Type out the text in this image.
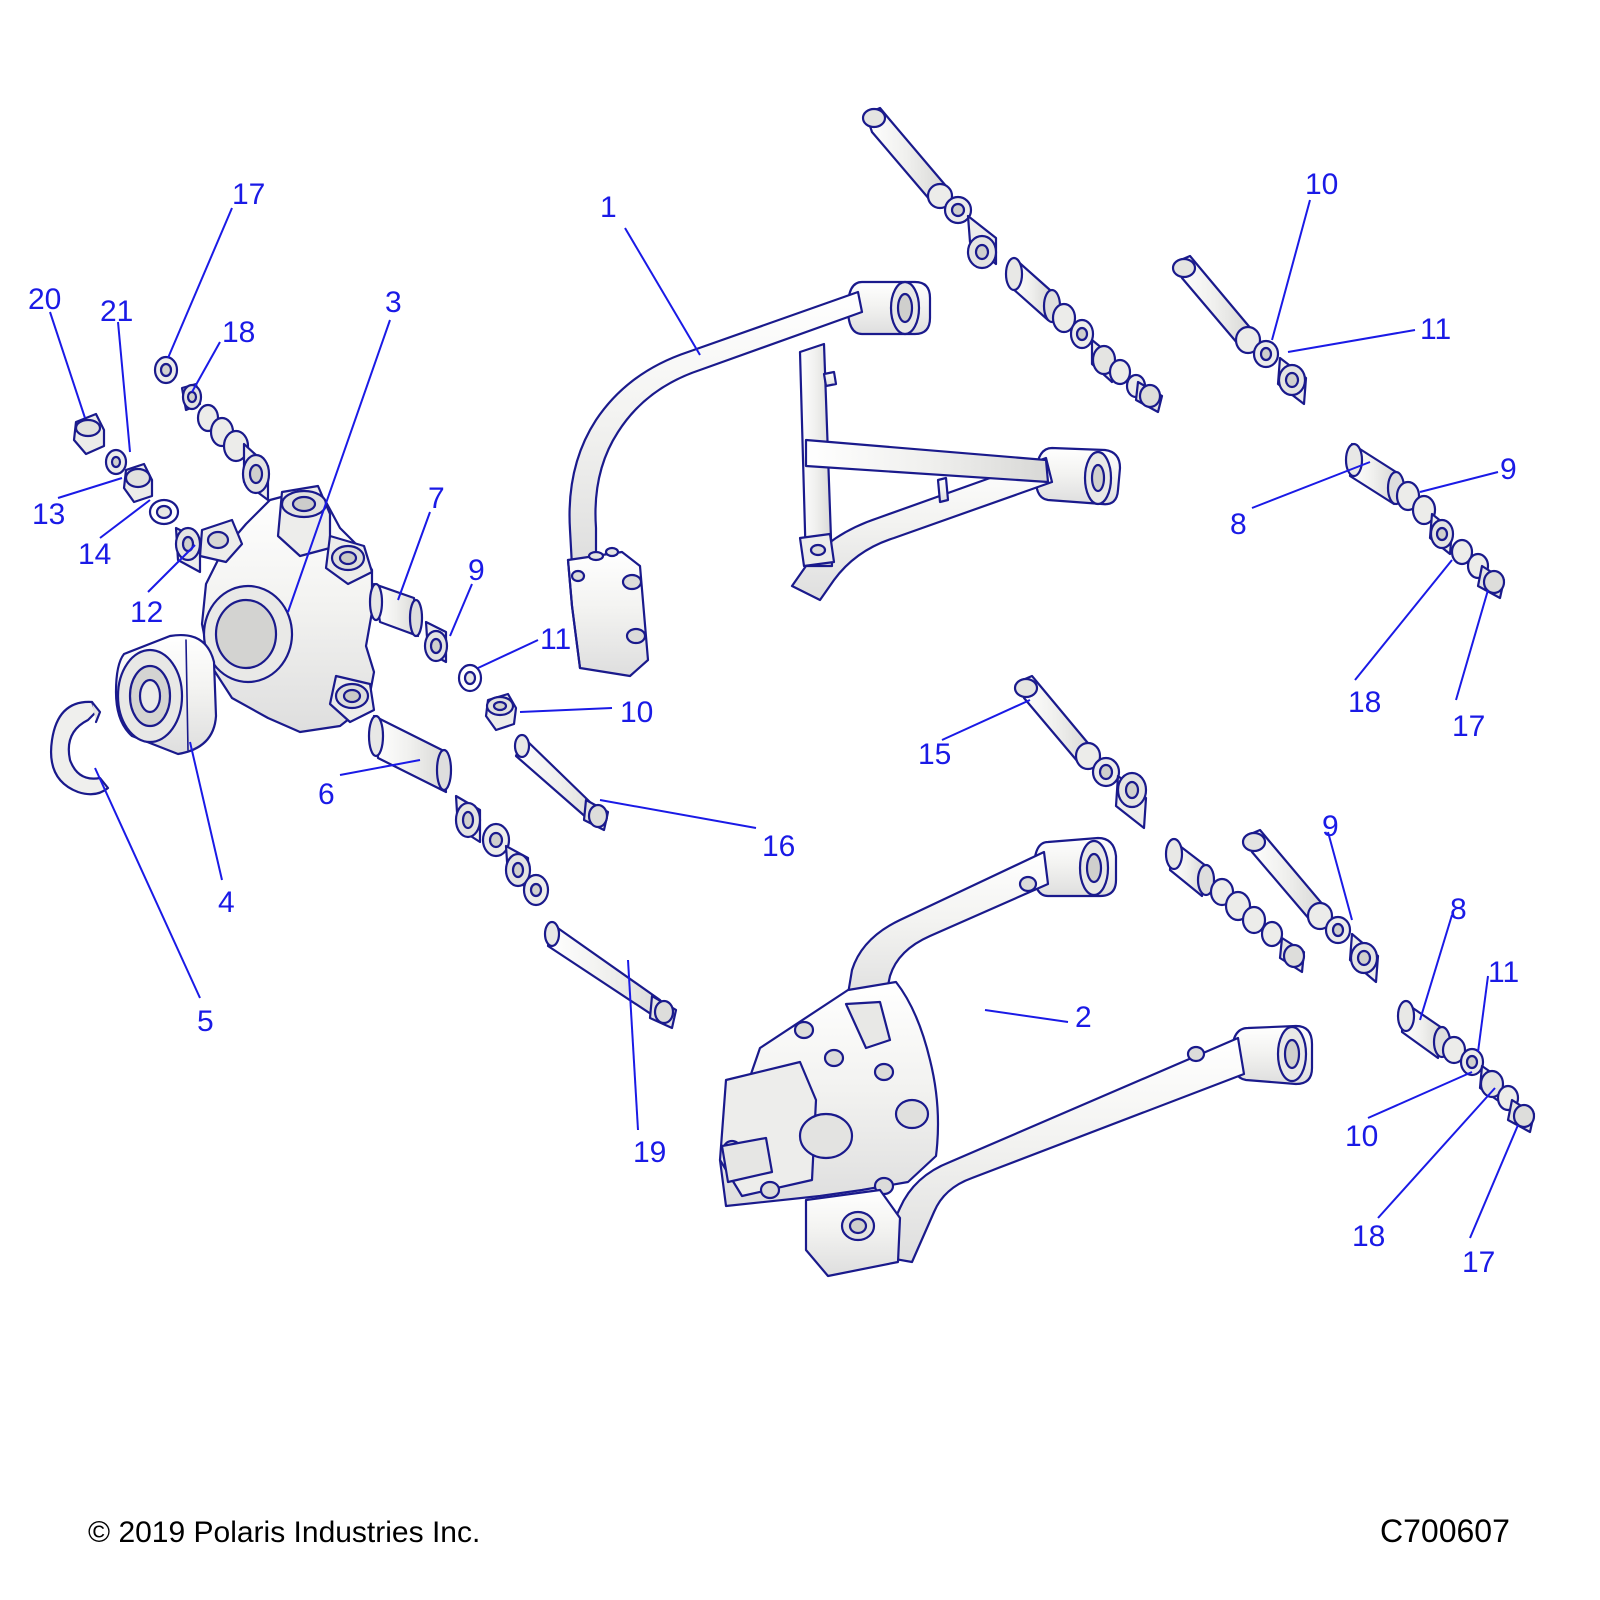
1
2
3
4
5
6
7
9
11
10
16
19
13
14
12
20 21
17
18
10
11
9
8
18
17
15
9
8
11
10
18
17
© 2019 Polaris Industries Inc.	C700607
